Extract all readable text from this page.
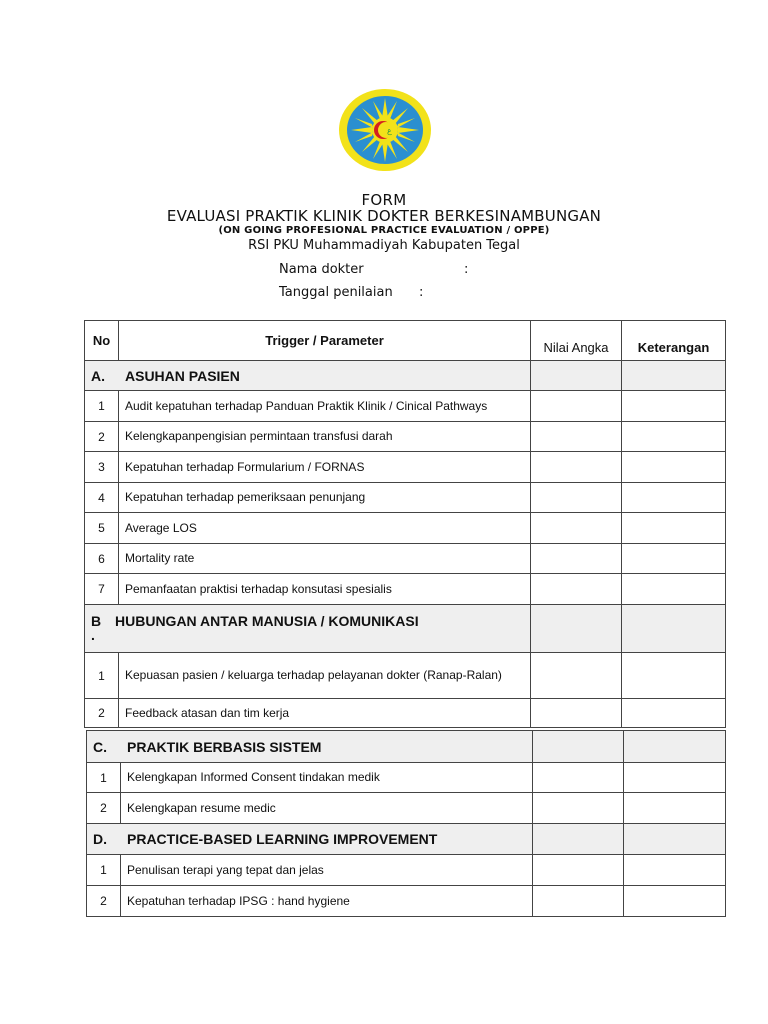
ع
FORM
EVALUASI PRAKTIK KLINIK DOKTER BERKESINAMBUNGAN
(ON GOING PROFESIONAL PRACTICE EVALUATION / OPPE)
RSI PKU Muhammadiyah Kabupaten Tegal
Nama dokter	:
Tanggal penilaian :
No	Trigger / Parameter	Nilai Angka	Keterangan
A. ASUHAN PASIEN			
1	Audit kepatuhan terhadap Panduan Praktik Klinik / Cinical Pathways		
2	Kelengkapanpengisian permintaan transfusi darah		
3	Kepatuhan terhadap Formularium / FORNAS		
4	Kepatuhan terhadap pemeriksaan penunjang		
5	Average LOS		
6	Mortality rate		
7	Pemanfaatan praktisi terhadap konsutasi spesialis		
B
.HUBUNGAN ANTAR MANUSIA / KOMUNIKASI			
1	Kepuasan pasien / keluarga terhadap pelayanan dokter (Ranap-Ralan)		
2	Feedback atasan dan tim kerja		
C. PRAKTIK BERBASIS SISTEM			
1	Kelengkapan Informed Consent tindakan medik		
2	Kelengkapan resume medic		
D. PRACTICE-BASED LEARNING IMPROVEMENT			
1	Penulisan terapi yang tepat dan jelas		
2	Kepatuhan terhadap IPSG : hand hygiene		
